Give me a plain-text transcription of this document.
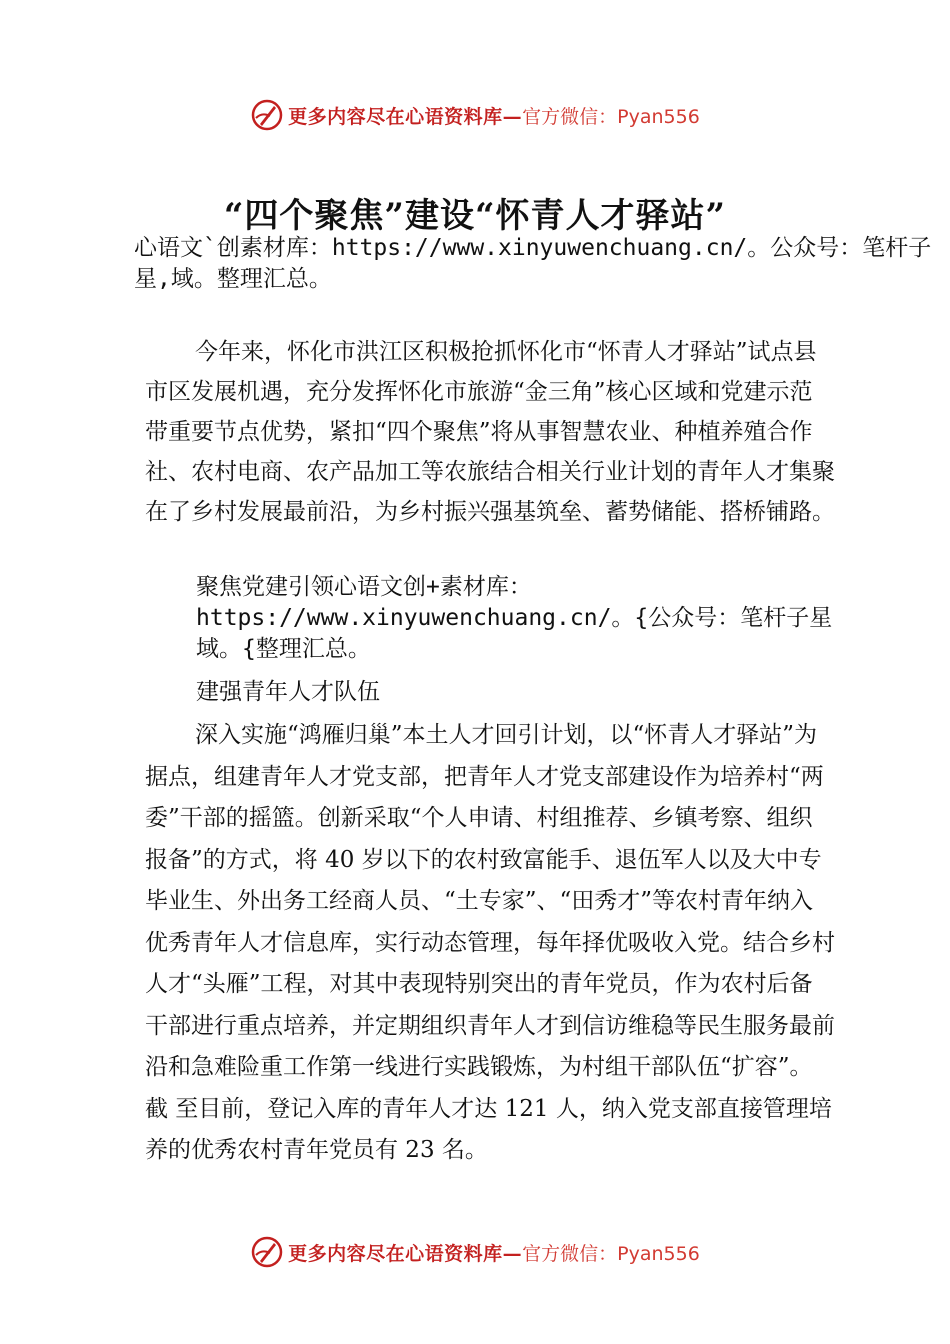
更多内容尽在心语资料库— 官方微信：Pyan556
“四个聚焦”建设“怀青人才驿站”
心语文`创素材库：https://www.xinyuwenchuang.cn/。公众号：笔杆子星,域。整理汇总。
今年来，怀化市洪江区积极抢抓怀化市“怀青人才驿站”试点县市区发展机遇，充分发挥怀化市旅游“金三角”核心区域和党建示范带重要节点优势，紧扣“四个聚焦”将从事智慧农业、种植养殖合作社、农村电商、农产品加工等农旅结合相关行业计划的青年人才集聚在了乡村发展最前沿，为乡村振兴强基筑垒、蓄势储能、搭桥铺路。
聚焦党建引领心语文创+素材库：https://www.xinyuwenchuang.cn/。{公众号：笔杆子星域。{整理汇总。
建强青年人才队伍
深入实施“鸿雁归巢”本土人才回引计划，以“怀青人才驿站”为据点，组建青年人才党支部，把青年人才党支部建设作为培养村“两委”干部的摇篮。创新采取“个人申请、村组推荐、乡镇考察、组织报备”的方式，将 40 岁以下的农村致富能手、退伍军人以及大中专毕业生、外出务工经商人员、“土专家”、“田秀才”等农村青年纳入优秀青年人才信息库，实行动态管理，每年择优吸收入党。结合乡村人才“头雁”工程，对其中表现特别突出的青年党员，作为农村后备干部进行重点培养，并定期组织青年人才到信访维稳等民生服务最前沿和急难险重工作第一线进行实践锻炼，为村组干部队伍“扩容”。截 至目前，登记入库的青年人才达 121 人，纳入党支部直接管理培养的优秀农村青年党员有 23 名。
更多内容尽在心语资料库— 官方微信：Pyan556
